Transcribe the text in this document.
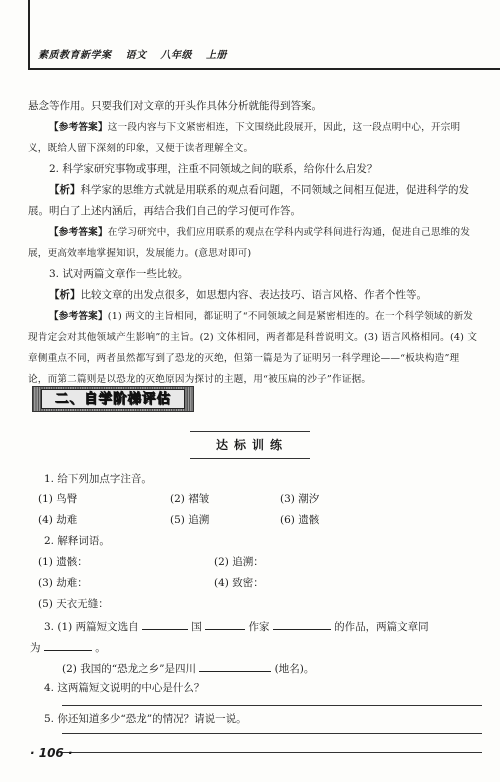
素质教育新学案 语文 八年级 上册

悬念等作用。只要我们对文章的开头作具体分析就能得到答案。

【参考答案】这一段内容与下文紧密相连，下文围绕此段展开，因此，这一段点明中心，开宗明义，既给人留下深刻的印象，又便于读者理解全文。

2. 科学家研究事物或事理，注重不同领域之间的联系，给你什么启发？

【析】科学家的思维方式就是用联系的观点看问题，不同领域之间相互促进，促进科学的发展。明白了上述内涵后，再结合我们自己的学习便可作答。

【参考答案】在学习研究中，我们应用联系的观点在学科内或学科间进行沟通，促进自己思维的发展，更高效率地掌握知识，发展能力。(意思对即可)

3. 试对两篇文章作一些比较。

【析】比较文章的出发点很多，如思想内容、表达技巧、语言风格、作者个性等。

【参考答案】(1) 两文的主旨相同，都证明了“不同领域之间是紧密相连的。在一个科学领域的新发现肯定会对其他领域产生影响”的主旨。(2) 文体相同，两者都是科普说明文。(3) 语言风格相同。(4) 文章侧重点不同，两者虽然都写到了恐龙的灭绝，但第一篇是为了证明另一科学理论——“板块构造”理论，而第二篇则是以恐龙的灭绝原因为探讨的主题，用“被压扁的沙子”作证据。

二、自学阶梯评估
达标训练
1. 给下列加点字注音。
(1) 鸟臀	(2) 褶皱	(3) 潮汐
(4) 劫难	(5) 追溯	(6) 遗骸
2. 解释词语。
(1) 遗骸：	(2) 追溯：
(3) 劫难：	(4) 致密：
(5) 天衣无缝：
3. (1) 两篇短文选自	国	作家	的作品，两篇文章同
为	。
(2) 我国的“恐龙之乡”是四川	(地名)。
4. 这两篇短文说明的中心是什么？
5. 你还知道多少“恐龙”的情况？请说一说。
· 106 ·
